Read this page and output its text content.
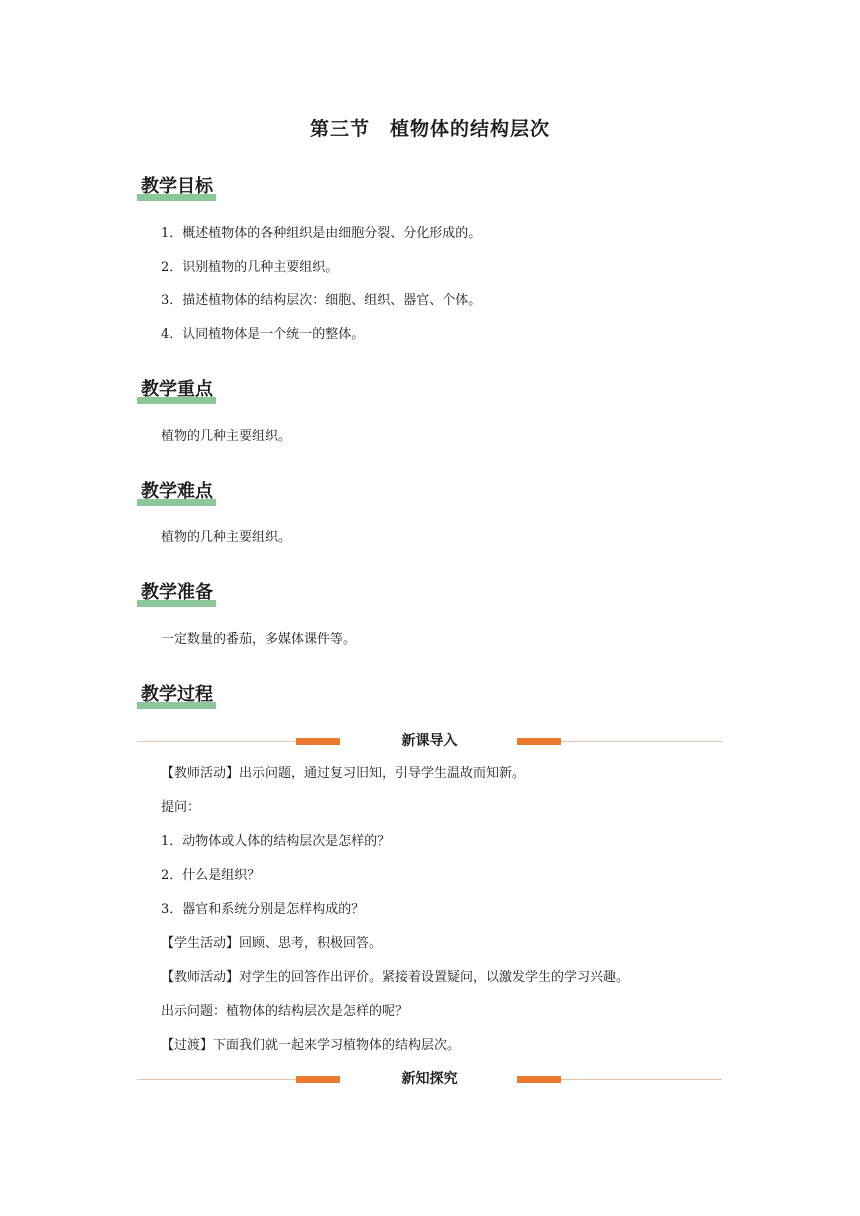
第三节　植物体的结构层次
教学目标
1．概述植物体的各种组织是由细胞分裂、分化形成的。
2．识别植物的几种主要组织。
3．描述植物体的结构层次：细胞、组织、器官、个体。
4．认同植物体是一个统一的整体。
教学重点
植物的几种主要组织。
教学难点
植物的几种主要组织。
教学准备
一定数量的番茄，多媒体课件等。
教学过程
新课导入
【教师活动】出示问题，通过复习旧知，引导学生温故而知新。
提问：
1．动物体或人体的结构层次是怎样的？
2．什么是组织？
3．器官和系统分别是怎样构成的？
【学生活动】回顾、思考，积极回答。
【教师活动】对学生的回答作出评价。紧接着设置疑问，以激发学生的学习兴趣。
出示问题：植物体的结构层次是怎样的呢？
【过渡】下面我们就一起来学习植物体的结构层次。
新知探究
